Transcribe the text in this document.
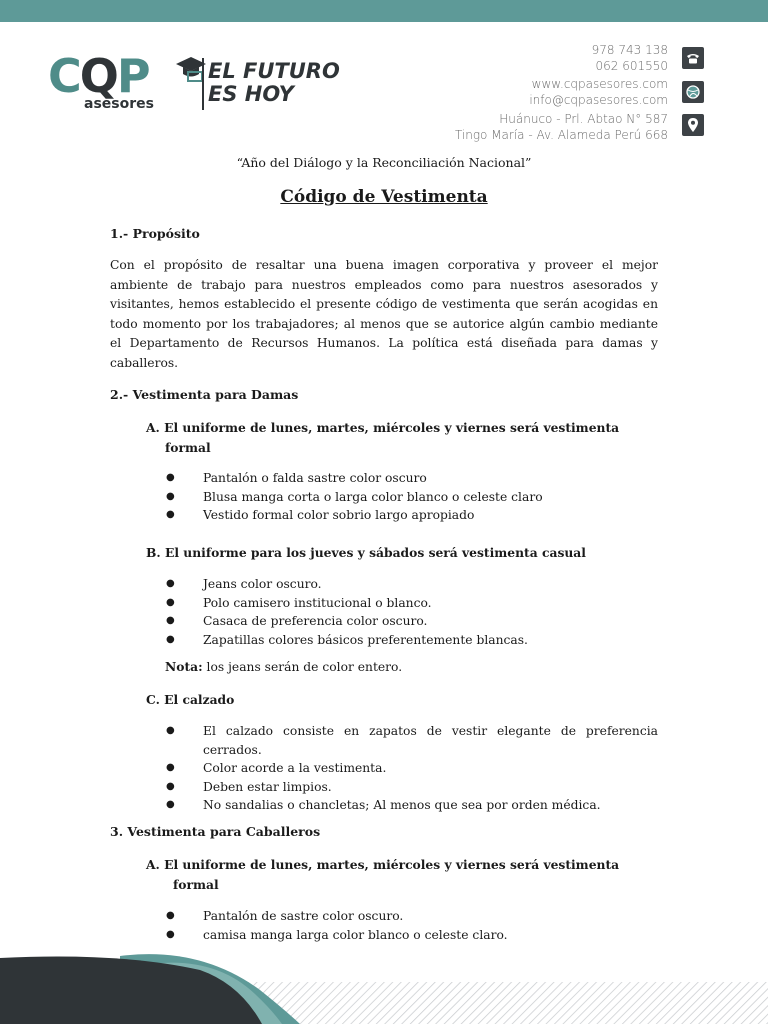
CQP
asesores
EL FUTURO
ES HOY
978 743 138
062 601550
www.cqpasesores.com
info@cqpasesores.com
Huánuco - Prl. Abtao N° 587
Tingo María - Av. Alameda Perú 668
“Año del Diálogo y la Reconciliación Nacional”
Código de Vestimenta
1.- Propósito
Con el propósito de resaltar una buena imagen corporativa y proveer el mejor ambiente de trabajo para nuestros empleados como para nuestros asesorados y visitantes, hemos establecido el presente código de vestimenta que serán acogidas en todo momento por los trabajadores; al menos que se autorice algún cambio mediante el Departamento de Recursos Humanos. La política está diseñada para damas y caballeros.
2.- Vestimenta para Damas
A. El uniforme de lunes, martes, miércoles y viernes será vestimenta
formal
● Pantalón o falda sastre color oscuro
● Blusa manga corta o larga color blanco o celeste claro
● Vestido formal color sobrio largo apropiado
B. El uniforme para los jueves y sábados será vestimenta casual
● Jeans color oscuro.
● Polo camisero institucional o blanco.
● Casaca de preferencia color oscuro.
● Zapatillas colores básicos preferentemente blancas.
Nota: los jeans serán de color entero.
C. El calzado
● El calzado consiste en zapatos de vestir elegante de preferencia cerrados.
● Color acorde a la vestimenta.
● Deben estar limpios.
● No sandalias o chancletas; Al menos que sea por orden médica.
3. Vestimenta para Caballeros
A. El uniforme de lunes, martes, miércoles y viernes será vestimenta
formal
● Pantalón de sastre color oscuro.
● camisa manga larga color blanco o celeste claro.
